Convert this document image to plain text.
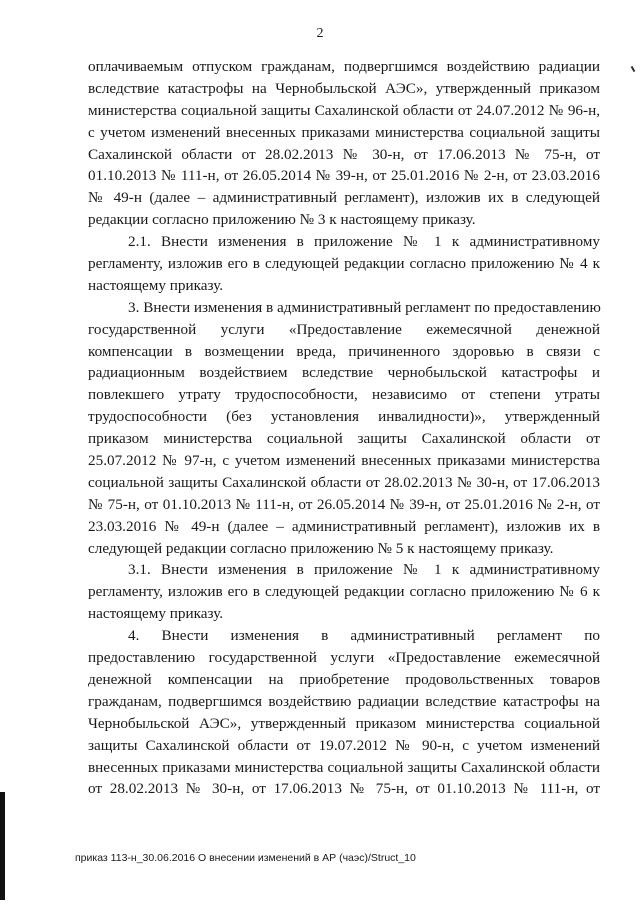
2
оплачиваемым отпуском гражданам, подвергшимся воздействию радиации
вследствие катастрофы на Чернобыльской АЭС», утвержденный приказом
министерства социальной защиты Сахалинской области от 24.07.2012 № 96-н,
с учетом изменений внесенных приказами министерства социальной защиты
Сахалинской области от 28.02.2013 № 30-н, от 17.06.2013 № 75-н, от
01.10.2013 № 111-н, от 26.05.2014 № 39-н, от 25.01.2016 № 2-н, от 23.03.2016
№ 49-н (далее – административный регламент), изложив их в следующей
редакции согласно приложению № 3 к настоящему приказу.
2.1. Внести изменения в приложение № 1 к административному
регламенту, изложив его в следующей редакции согласно приложению № 4 к
настоящему приказу.
3. Внести изменения в административный регламент по предоставлению
государственной услуги «Предоставление ежемесячной денежной
компенсации в возмещении вреда, причиненного здоровью в связи с
радиационным воздействием вследствие чернобыльской катастрофы и
повлекшего утрату трудоспособности, независимо от степени утраты
трудоспособности (без установления инвалидности)», утвержденный
приказом министерства социальной защиты Сахалинской области от
25.07.2012 № 97-н, с учетом изменений внесенных приказами министерства
социальной защиты Сахалинской области от 28.02.2013 № 30-н, от 17.06.2013
№ 75-н, от 01.10.2013 № 111-н, от 26.05.2014 № 39-н, от 25.01.2016 № 2-н, от
23.03.2016 № 49-н (далее – административный регламент), изложив их в
следующей редакции согласно приложению № 5 к настоящему приказу.
3.1. Внести изменения в приложение № 1 к административному
регламенту, изложив его в следующей редакции согласно приложению № 6 к
настоящему приказу.
4. Внести изменения в административный регламент по
предоставлению государственной услуги «Предоставление ежемесячной
денежной компенсации на приобретение продовольственных товаров
гражданам, подвергшимся воздействию радиации вследствие катастрофы на
Чернобыльской АЭС», утвержденный приказом министерства социальной
защиты Сахалинской области от 19.07.2012 № 90-н, с учетом изменений
внесенных приказами министерства социальной защиты Сахалинской области
от 28.02.2013 № 30-н, от 17.06.2013 № 75-н, от 01.10.2013 № 111-н, от
приказ 113-н_30.06.2016 О внесении изменений в АР (чаэс)/Struct_10
